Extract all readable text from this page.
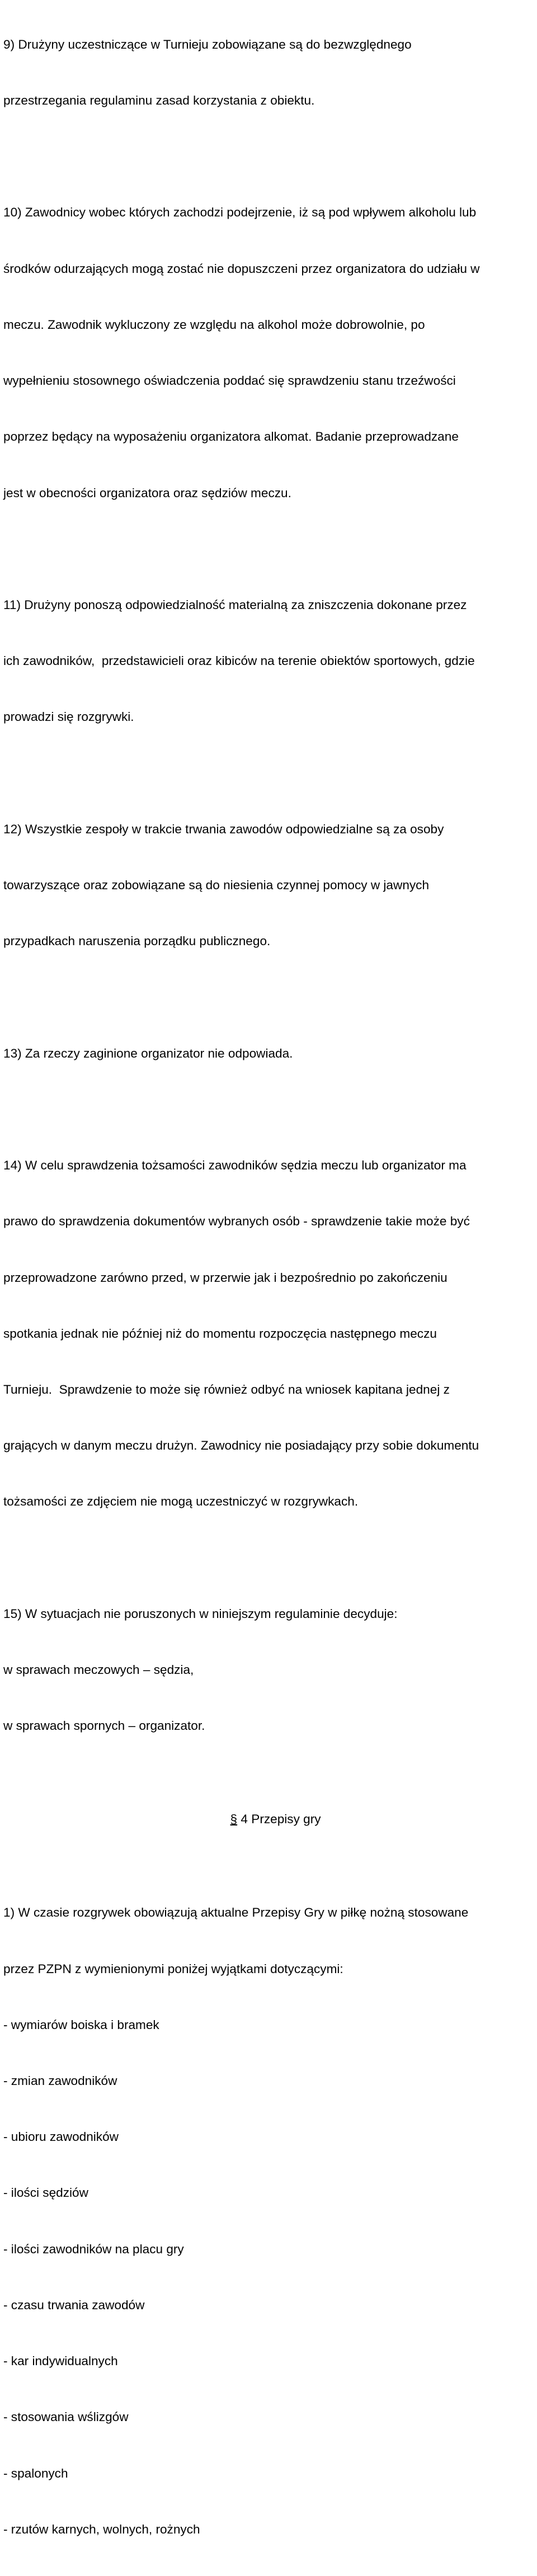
9) Drużyny uczestniczące w Turnieju zobowiązane są do bezwzględnego

przestrzegania regulaminu zasad korzystania z obiektu.

10) Zawodnicy wobec których zachodzi podejrzenie, iż są pod wpływem alkoholu lub

środków odurzających mogą zostać nie dopuszczeni przez organizatora do udziału w

meczu. Zawodnik wykluczony ze względu na alkohol może dobrowolnie, po

wypełnieniu stosownego oświadczenia poddać się sprawdzeniu stanu trzeźwości

poprzez będący na wyposażeniu organizatora alkomat. Badanie przeprowadzane

jest w obecności organizatora oraz sędziów meczu.

11) Drużyny ponoszą odpowiedzialność materialną za zniszczenia dokonane przez

ich zawodników,  przedstawicieli oraz kibiców na terenie obiektów sportowych, gdzie

prowadzi się rozgrywki.

12) Wszystkie zespoły w trakcie trwania zawodów odpowiedzialne są za osoby

towarzyszące oraz zobowiązane są do niesienia czynnej pomocy w jawnych

przypadkach naruszenia porządku publicznego.

13) Za rzeczy zaginione organizator nie odpowiada.

14) W celu sprawdzenia tożsamości zawodników sędzia meczu lub organizator ma

prawo do sprawdzenia dokumentów wybranych osób - sprawdzenie takie może być

przeprowadzone zarówno przed, w przerwie jak i bezpośrednio po zakończeniu

spotkania jednak nie później niż do momentu rozpoczęcia następnego meczu

Turnieju.  Sprawdzenie to może się również odbyć na wniosek kapitana jednej z

grających w danym meczu drużyn. Zawodnicy nie posiadający przy sobie dokumentu

tożsamości ze zdjęciem nie mogą uczestniczyć w rozgrywkach.

15) W sytuacjach nie poruszonych w niniejszym regulaminie decyduje:

w sprawach meczowych – sędzia,

w sprawach spornych – organizator.

§ 4 Przepisy gry

1) W czasie rozgrywek obowiązują aktualne Przepisy Gry w piłkę nożną stosowane

przez PZPN z wymienionymi poniżej wyjątkami dotyczącymi:

- wymiarów boiska i bramek

- zmian zawodników

- ubioru zawodników

- ilości sędziów

- ilości zawodników na placu gry

- czasu trwania zawodów

- kar indywidualnych

- stosowania wślizgów

- spalonych

- rzutów karnych, wolnych, rożnych
